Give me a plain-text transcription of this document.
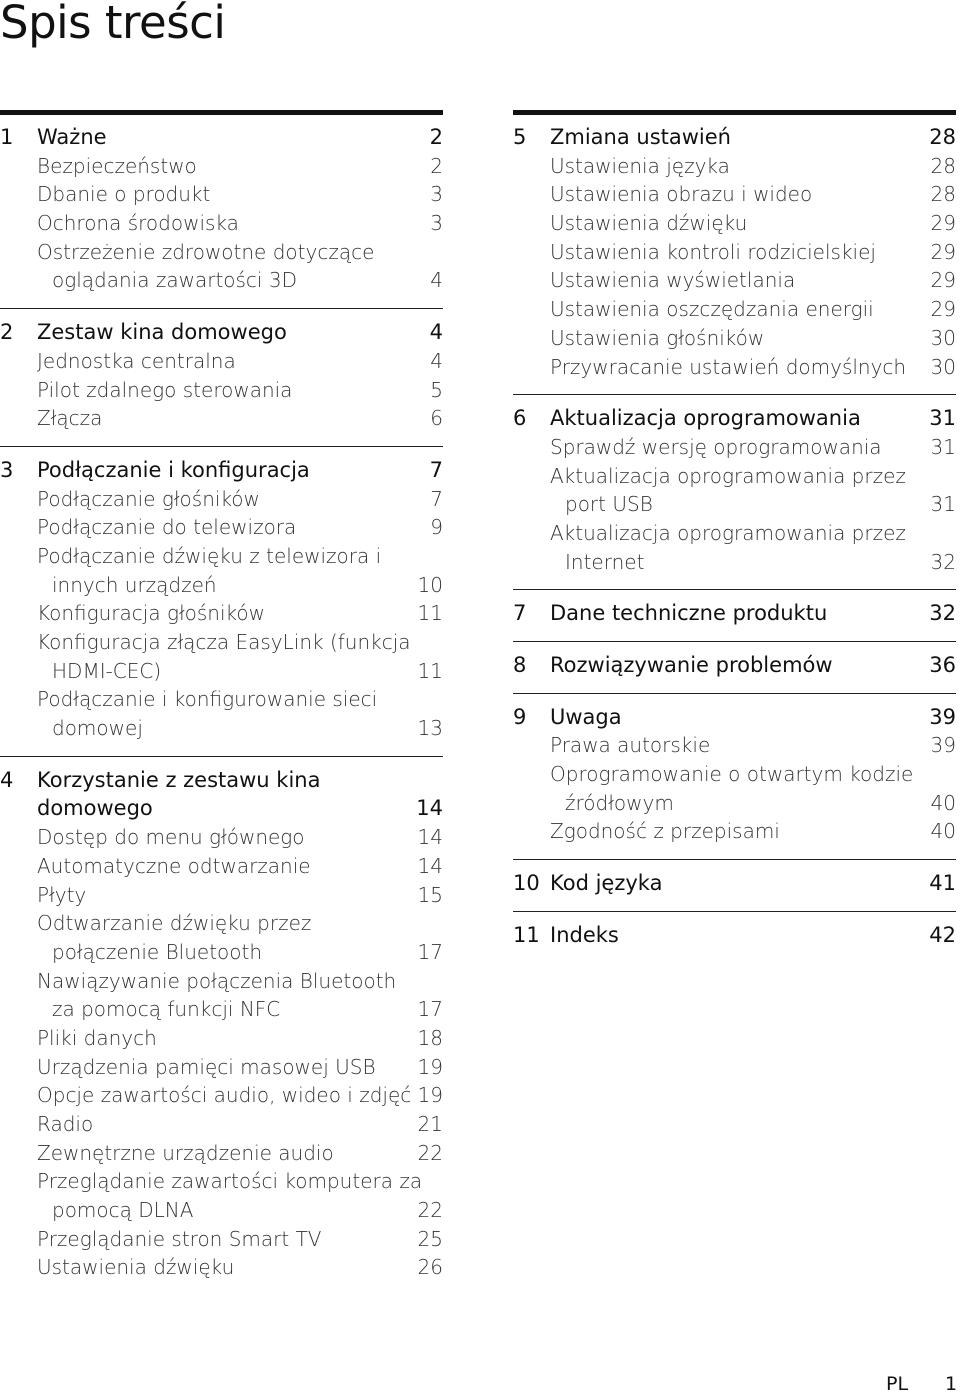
Spis treści
1 Ważne	2
Bezpieczeństwo	2
Dbanie o produkt	3
Ochrona środowiska	3
Ostrzeżenie zdrowotne dotyczące
oglądania zawartości 3D	4
2 Zestaw kina domowego	4
Jednostka centralna	4
Pilot zdalnego sterowania	5
Złącza	6
3 Podłączanie i konfiguracja	7
Podłączanie głośników	7
Podłączanie do telewizora	9
Podłączanie dźwięku z telewizora i
innych urządzeń	10
Konfiguracja głośników	11
Konfiguracja złącza EasyLink (funkcja
HDMI-CEC)	11
Podłączanie i konfigurowanie sieci
domowej	13
4 Korzystanie z zestawu kina
domowego	14
Dostęp do menu głównego	14
Automatyczne odtwarzanie	14
Płyty	15
Odtwarzanie dźwięku przez
połączenie Bluetooth	17
Nawiązywanie połączenia Bluetooth
za pomocą funkcji NFC	17
Pliki danych	18
Urządzenia pamięci masowej USB 19
Opcje zawartości audio, wideo i zdjęć 19
Radio	21
Zewnętrzne urządzenie audio	22
Przeglądanie zawartości komputera za
pomocą DLNA	22
Przeglądanie stron Smart TV	25
Ustawienia dźwięku	26
5 Zmiana ustawień	28
Ustawienia języka	28
Ustawienia obrazu i wideo	28
Ustawienia dźwięku	29
Ustawienia kontroli rodzicielskiej	29
Ustawienia wyświetlania	29
Ustawienia oszczędzania energii	29
Ustawienia głośników	30
Przywracanie ustawień domyślnych 30
6 Aktualizacja oprogramowania	31
Sprawdź wersję oprogramowania 31
Aktualizacja oprogramowania przez
port USB	31
Aktualizacja oprogramowania przez
Internet	32
7 Dane techniczne produktu	32
8 Rozwiązywanie problemów	36
9 Uwaga	39
Prawa autorskie	39
Oprogramowanie o otwartym kodzie
źródłowym	40
Zgodność z przepisami	40
10 Kod języka	41
11 Indeks	42
PL 1
